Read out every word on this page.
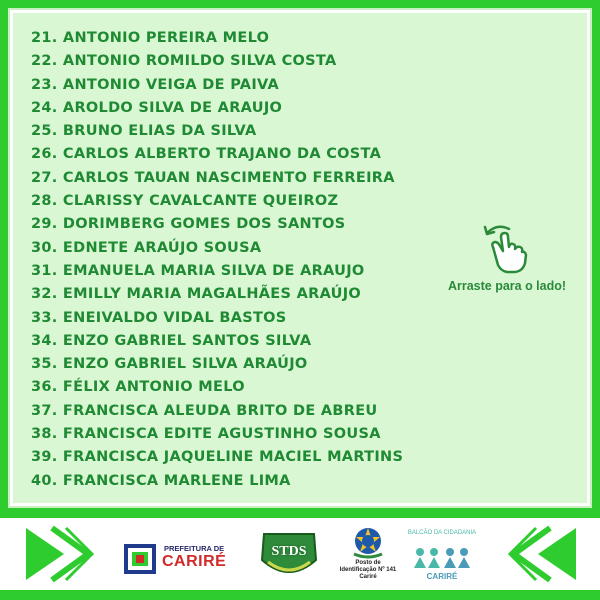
21. ANTONIO PEREIRA MELO
22. ANTONIO ROMILDO SILVA COSTA
23. ANTONIO VEIGA DE PAIVA
24. AROLDO SILVA DE ARAUJO
25. BRUNO ELIAS DA SILVA
26. CARLOS ALBERTO TRAJANO DA COSTA
27. CARLOS TAUAN NASCIMENTO FERREIRA
28. CLARISSY CAVALCANTE QUEIROZ
29. DORIMBERG GOMES DOS SANTOS
30. EDNETE ARAÚJO SOUSA
31. EMANUELA MARIA SILVA DE ARAUJO
32. EMILLY MARIA MAGALHÃES ARAÚJO
33. ENEIVALDO VIDAL BASTOS
34. ENZO GABRIEL SANTOS SILVA
35. ENZO GABRIEL SILVA ARAÚJO
36. FÉLIX ANTONIO MELO
37. FRANCISCA ALEUDA BRITO DE ABREU
38. FRANCISCA EDITE AGUSTINHO SOUSA
39. FRANCISCA JAQUELINE MACIEL MARTINS
40. FRANCISCA MARLENE LIMA
Arraste para o lado!
PREFEITURA DE
CARIRÉ
STDS
Posto de
Identificação Nº 141
Cariré
BALCÃO DA CIDADANIA
CARIRÉ
